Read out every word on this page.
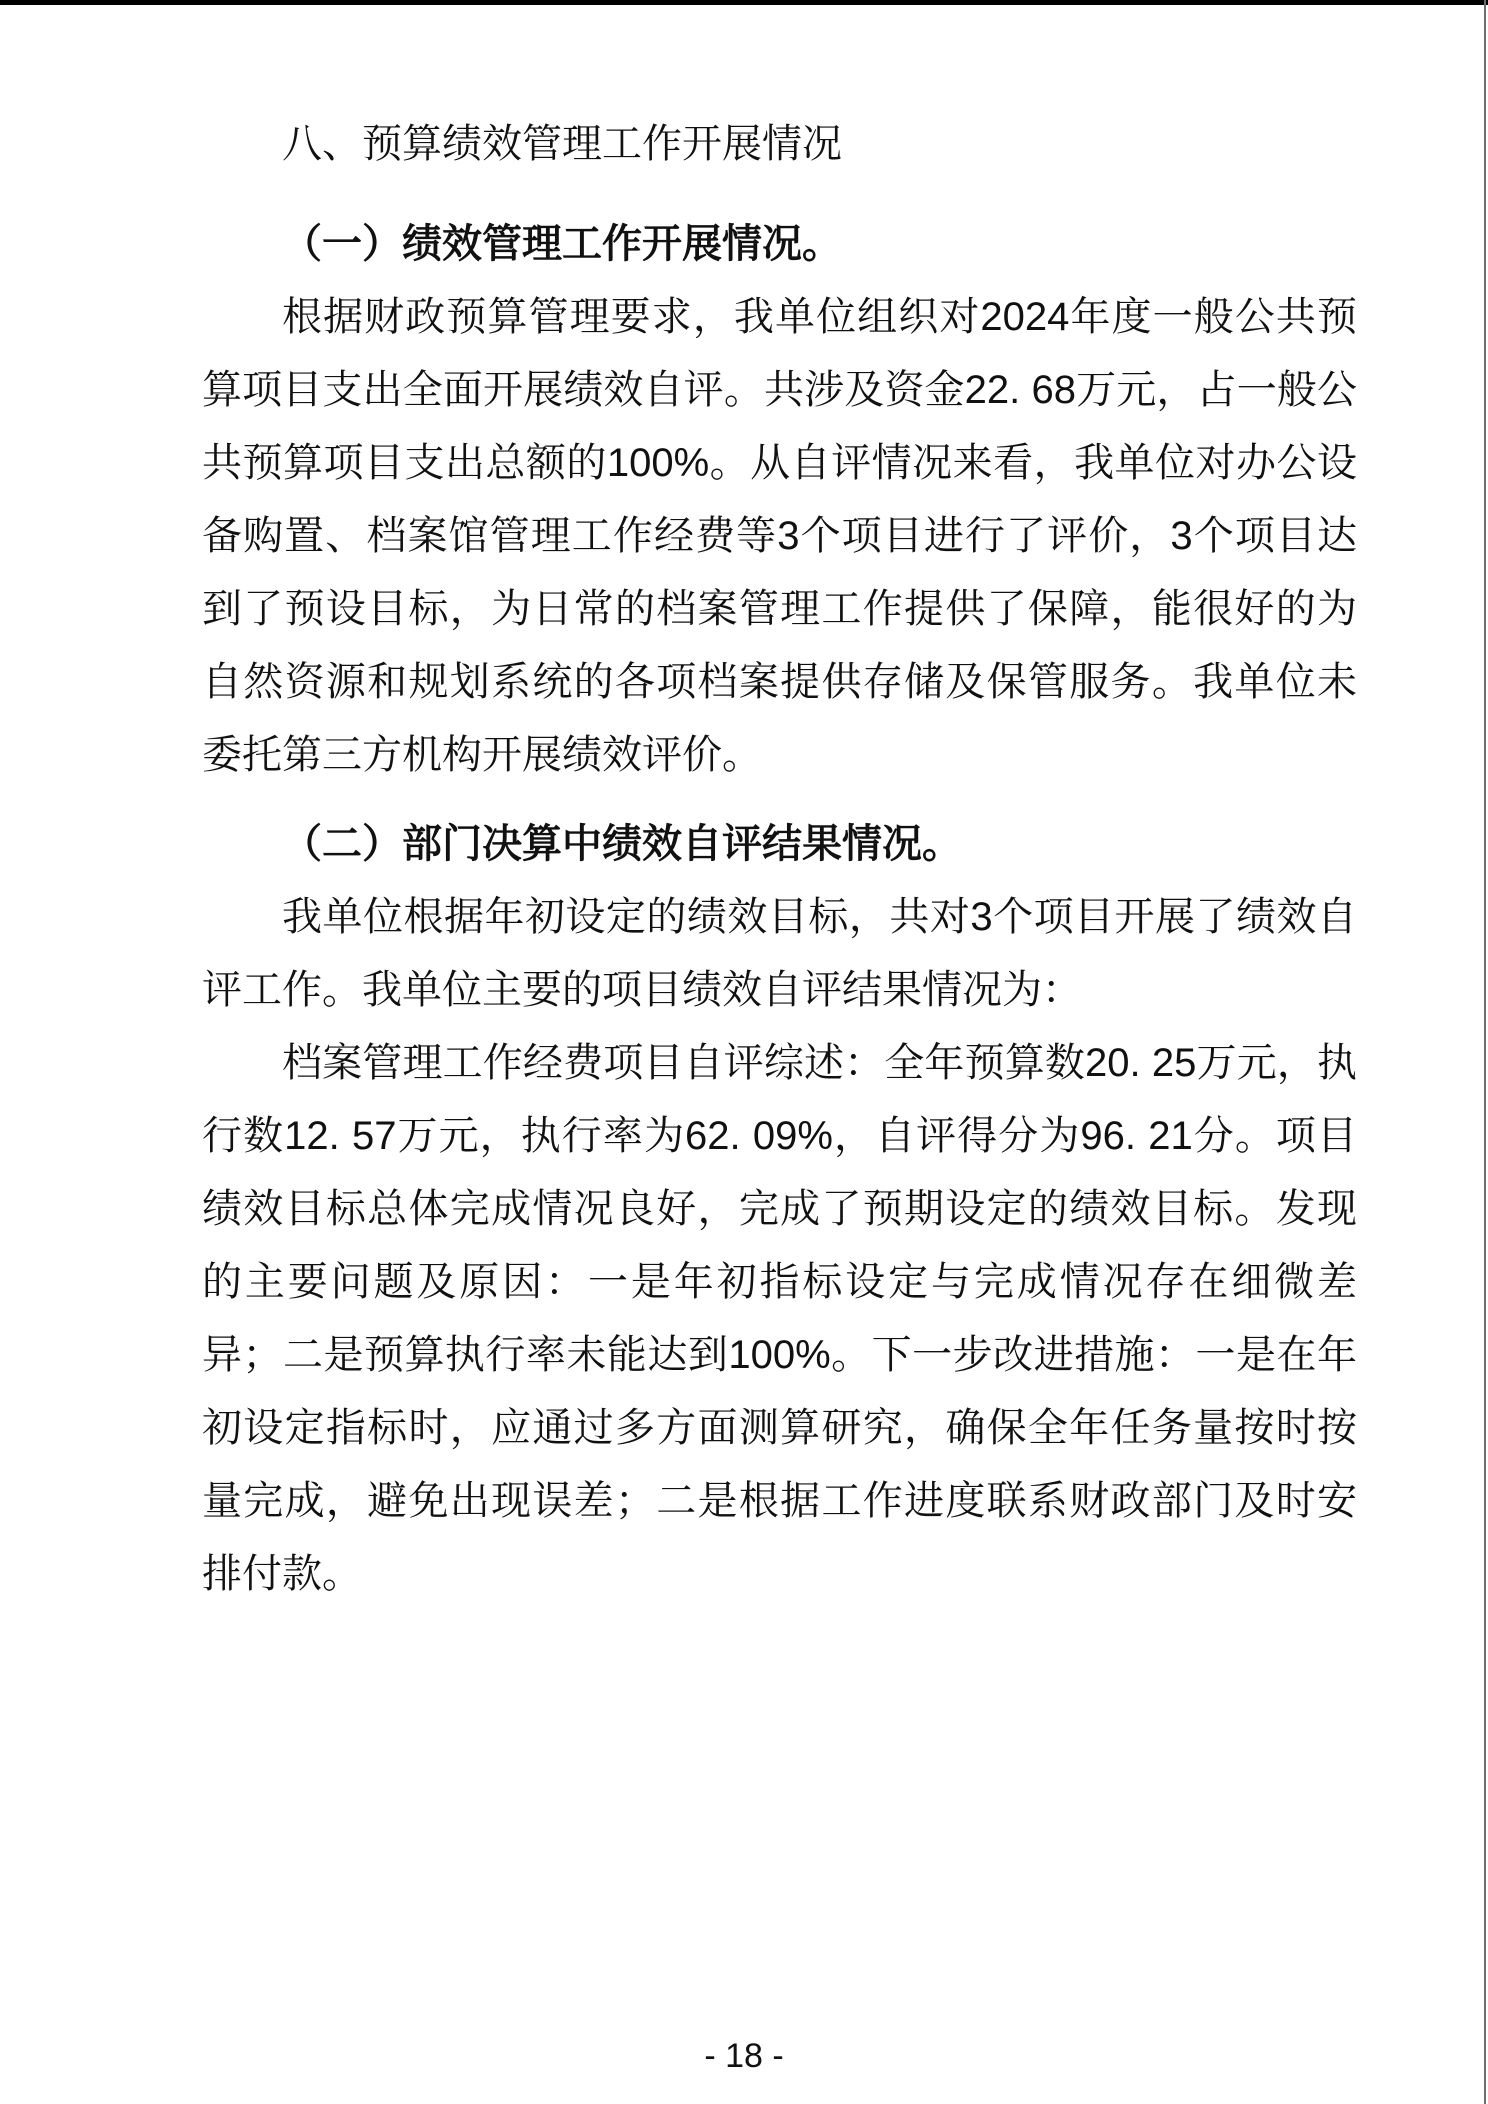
八、预算绩效管理工作开展情况
（一）绩效管理工作开展情况。

根据财政预算管理要求，我单位组织对2024年度一般公共预算项目支出全面开展绩效自评。共涉及资金22. 68万元，占一般公共预算项目支出总额的100%。从自评情况来看，我单位对办公设备购置、档案馆管理工作经费等3个项目进行了评价，3个项目达到了预设目标，为日常的档案管理工作提供了保障，能很好的为自然资源和规划系统的各项档案提供存储及保管服务。我单位未委托第三方机构开展绩效评价。

（二）部门决算中绩效自评结果情况。

我单位根据年初设定的绩效目标，共对3个项目开展了绩效自评工作。我单位主要的项目绩效自评结果情况为：

档案管理工作经费项目自评综述：全年预算数20. 25万元，执行数12. 57万元，执行率为62. 09%，自评得分为96. 21分。项目绩效目标总体完成情况良好，完成了预期设定的绩效目标。发现的主要问题及原因：一是年初指标设定与完成情况存在细微差异；二是预算执行率未能达到100%。下一步改进措施：一是在年初设定指标时，应通过多方面测算研究，确保全年任务量按时按量完成，避免出现误差；二是根据工作进度联系财政部门及时安排付款。

- 18 -
